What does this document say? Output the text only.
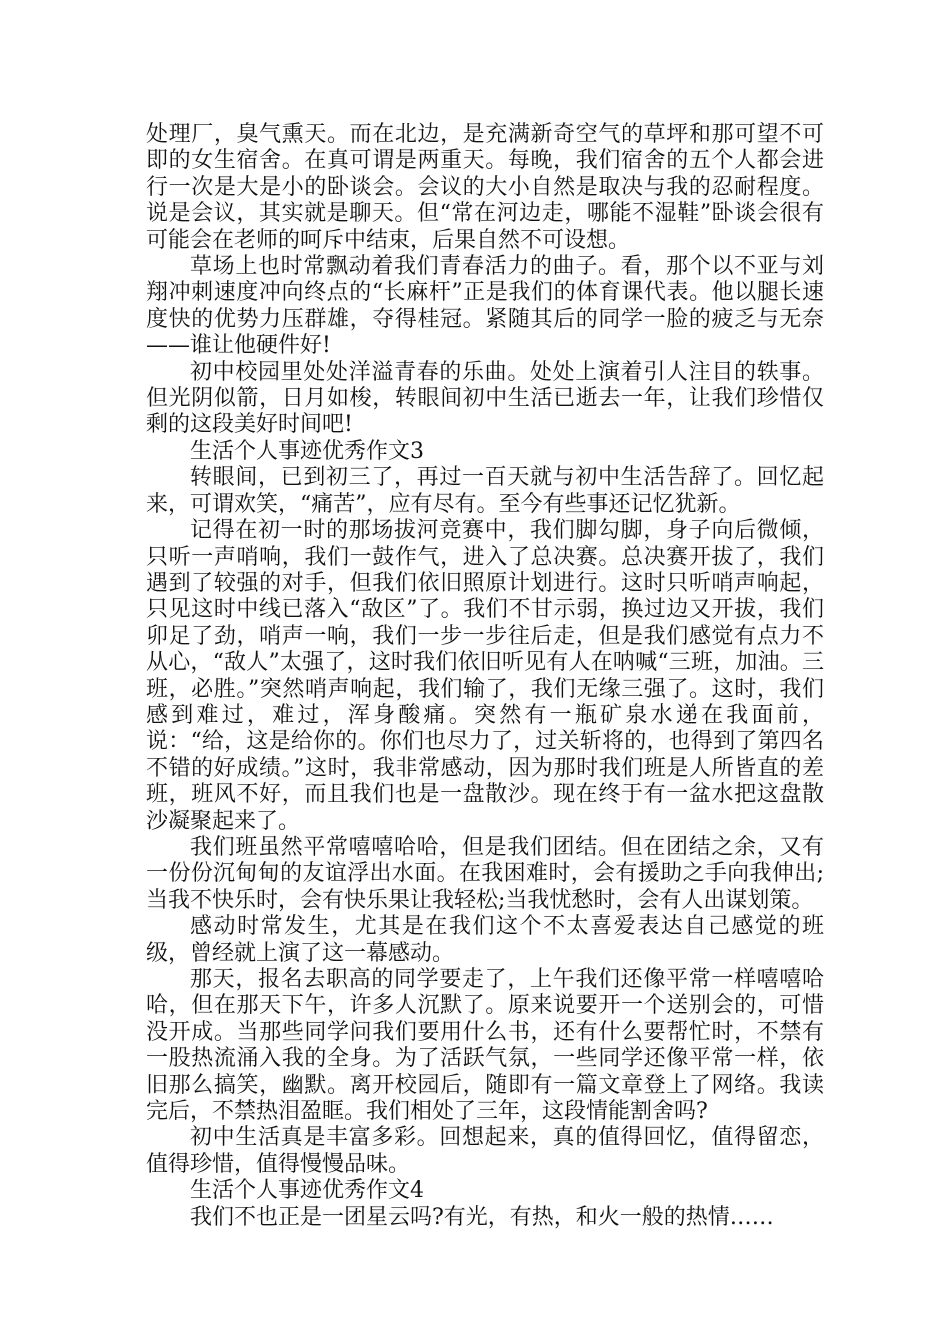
处理厂，臭气熏天。而在北边，是充满新奇空气的草坪和那可望不可即的女生宿舍。在真可谓是两重天。每晚，我们宿舍的五个人都会进行一次是大是小的卧谈会。会议的大小自然是取决与我的忍耐程度。说是会议，其实就是聊天。但“常在河边走，哪能不湿鞋”卧谈会很有可能会在老师的呵斥中结束，后果自然不可设想。

草场上也时常飘动着我们青春活力的曲子。看，那个以不亚与刘翔冲刺速度冲向终点的“长麻杆”正是我们的体育课代表。他以腿长速度快的优势力压群雄，夺得桂冠。紧随其后的同学一脸的疲乏与无奈——谁让他硬件好!

初中校园里处处洋溢青春的乐曲。处处上演着引人注目的轶事。但光阴似箭，日月如梭，转眼间初中生活已逝去一年，让我们珍惜仅剩的这段美好时间吧!

生活个人事迹优秀作文3

转眼间，已到初三了，再过一百天就与初中生活告辞了。回忆起来，可谓欢笑，“痛苦”，应有尽有。至今有些事还记忆犹新。

记得在初一时的那场拔河竞赛中，我们脚勾脚，身子向后微倾，只听一声哨响，我们一鼓作气，进入了总决赛。总决赛开拔了，我们遇到了较强的对手，但我们依旧照原计划进行。这时只听哨声响起，只见这时中线已落入“敌区”了。我们不甘示弱，换过边又开拔，我们卯足了劲，哨声一响，我们一步一步往后走，但是我们感觉有点力不从心，“敌人”太强了，这时我们依旧听见有人在呐喊“三班，加油。三班，必胜。”突然哨声响起，我们输了，我们无缘三强了。这时，我们感到难过，难过，浑身酸痛。突然有一瓶矿泉水递在我面前，说：“给，这是给你的。你们也尽力了，过关斩将的，也得到了第四名不错的好成绩。”这时，我非常感动，因为那时我们班是人所皆直的差班，班风不好，而且我们也是一盘散沙。现在终于有一盆水把这盘散沙凝聚起来了。

我们班虽然平常嘻嘻哈哈，但是我们团结。但在团结之余，又有一份份沉甸甸的友谊浮出水面。在我困难时，会有援助之手向我伸出;当我不快乐时，会有快乐果让我轻松;当我忧愁时，会有人出谋划策。

感动时常发生，尤其是在我们这个不太喜爱表达自己感觉的班级，曾经就上演了这一幕感动。

那天，报名去职高的同学要走了，上午我们还像平常一样嘻嘻哈哈，但在那天下午，许多人沉默了。原来说要开一个送别会的，可惜没开成。当那些同学问我们要用什么书，还有什么要帮忙时，不禁有一股热流涌入我的全身。为了活跃气氛，一些同学还像平常一样，依旧那么搞笑，幽默。离开校园后，随即有一篇文章登上了网络。我读完后，不禁热泪盈眶。我们相处了三年，这段情能割舍吗?

初中生活真是丰富多彩。回想起来，真的值得回忆，值得留恋，值得珍惜，值得慢慢品味。

生活个人事迹优秀作文4

我们不也正是一团星云吗?有光，有热，和火一般的热情……
